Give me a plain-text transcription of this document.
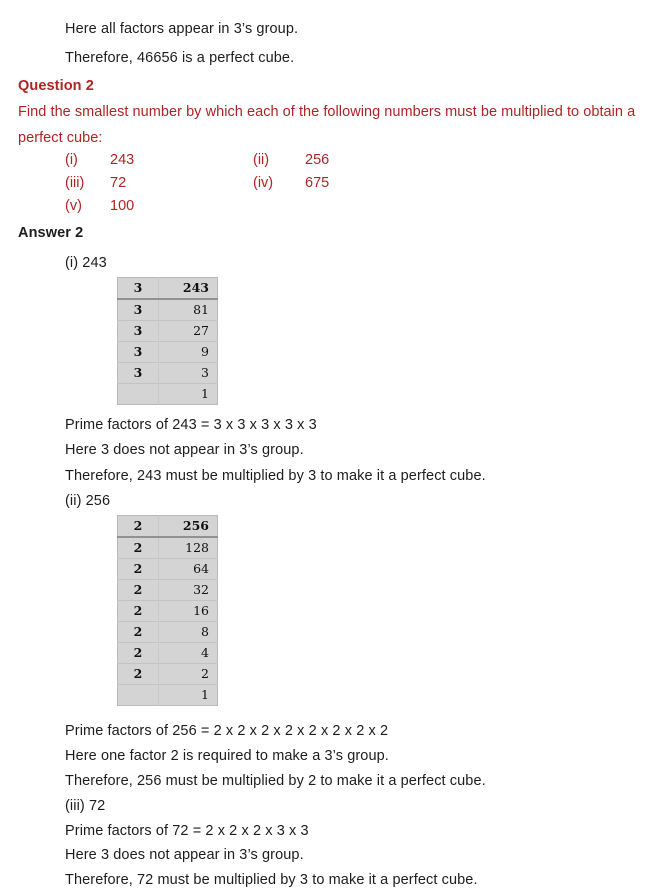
Here all factors appear in 3’s group.
Therefore, 46656 is a perfect cube.
Question 2
Find the smallest number by which each of the following numbers must be multiplied to obtain a perfect cube:
(i) 243	(ii) 256
(iii) 72	(iv) 675
(v) 100
Answer 2
(i) 243
3	243
3	81
3	27
3	9
3	3
	1
Prime factors of 243 = 3 x 3 x 3 x 3 x 3
Here 3 does not appear in 3’s group.
Therefore, 243 must be multiplied by 3 to make it a perfect cube.
(ii) 256
2	256
2	128
2	64
2	32
2	16
2	8
2	4
2	2
	1
Prime factors of 256 = 2 x 2 x 2 x 2 x 2 x 2 x 2 x 2
Here one factor 2 is required to make a 3’s group.
Therefore, 256 must be multiplied by 2 to make it a perfect cube.
(iii) 72
Prime factors of 72 = 2 x 2 x 2 x 3 x 3
Here 3 does not appear in 3’s group.
Therefore, 72 must be multiplied by 3 to make it a perfect cube.
